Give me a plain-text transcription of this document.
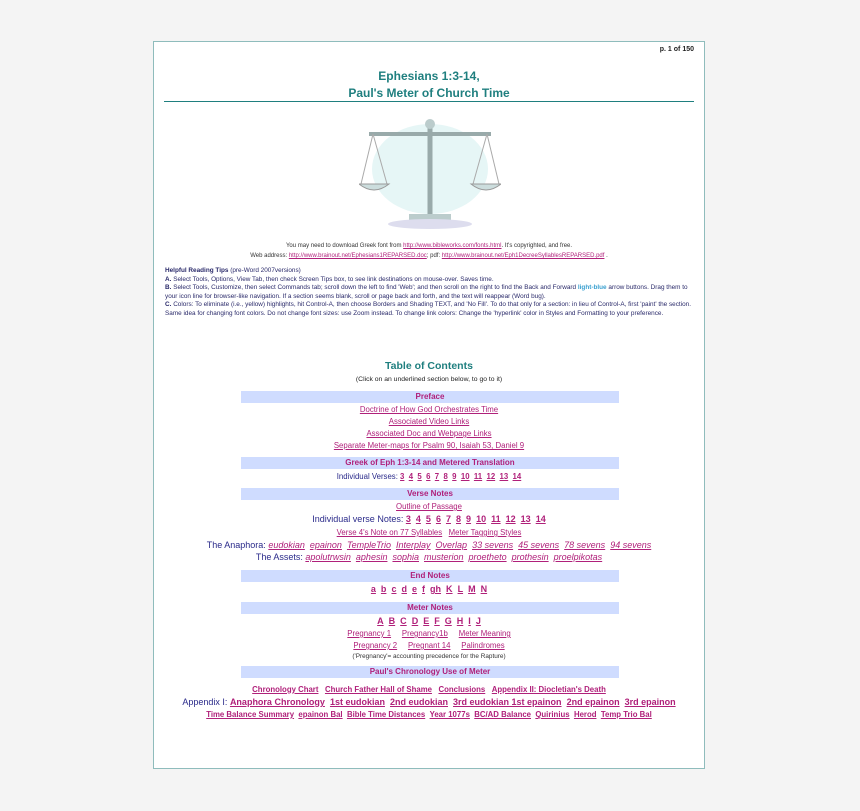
p. 1 of 150
Ephesians 1:3-14,
Paul's Meter of Church Time
You may need to download Greek font from http://www.bibleworks.com/fonts.html. It's copyrighted, and free.
Web address: http://www.brainout.net/Ephesians1REPARSED.doc; pdf: http://www.brainout.net/Eph1DecreeSyllablesREPARSED.pdf .
Helpful Reading Tips (pre-Word 2007versions)
A. Select Tools, Options, View Tab, then check Screen Tips box, to see link destinations on mouse-over. Saves time.
B. Select Tools, Customize, then select Commands tab; scroll down the left to find 'Web'; and then scroll on the right to find the Back and Forward light-blue arrow buttons. Drag them to your icon line for browser-like navigation. If a section seems blank, scroll or page back and forth, and the text will reappear (Word bug).
C. Colors: To eliminate (i.e., yellow) highlights, hit Control-A, then choose Borders and Shading TEXT, and 'No Fill'. To do that only for a section: in lieu of Control-A, first 'paint' the section. Same idea for changing font colors. Do not change font sizes: use Zoom instead. To change link colors: Change the 'hyperlink' color in Styles and Formatting to your preference.
Table of Contents
(Click on an underlined section below, to go to it)
Preface
Doctrine of How God Orchestrates Time
Associated Video Links
Associated Doc and Webpage Links
Separate Meter-maps for Psalm 90, Isaiah 53, Daniel 9
Greek of Eph 1:3-14 and Metered Translation
Individual Verses: 3 4 5 6 7 8 9 10 11 12 13 14
Verse Notes
Outline of Passage
Individual verse Notes: 3 4 5 6 7 8 9 10 11 12 13 14
Verse 4's Note on 77 Syllables Meter Tagging Styles
The Anaphora: eudokian epainon TempleTrio Interplay Overlap 33 sevens 45 sevens 78 sevens 94 sevens
The Assets: apolutrwsin aphesin sophia musterion proetheto prothesin proelpikotas
End Notes
a b c d e f gh K L M N
Meter Notes
A B C D E F G H I J
Pregnancy 1 Pregnancy1b Meter Meaning
Pregnancy 2 Pregnant 14 Palindromes
('Pregnancy'= accounting precedence for the Rapture)
Paul's Chronology Use of Meter
Chronology Chart Church Father Hall of Shame Conclusions Appendix II: Diocletian's Death
Appendix I: Anaphora Chronology 1st eudokian 2nd eudokian 3rd eudokian 1st epainon 2nd epainon 3rd epainon
Time Balance Summary epainon Bal Bible Time Distances Year 1077s BC/AD Balance Quirinius Herod Temp Trio Bal
